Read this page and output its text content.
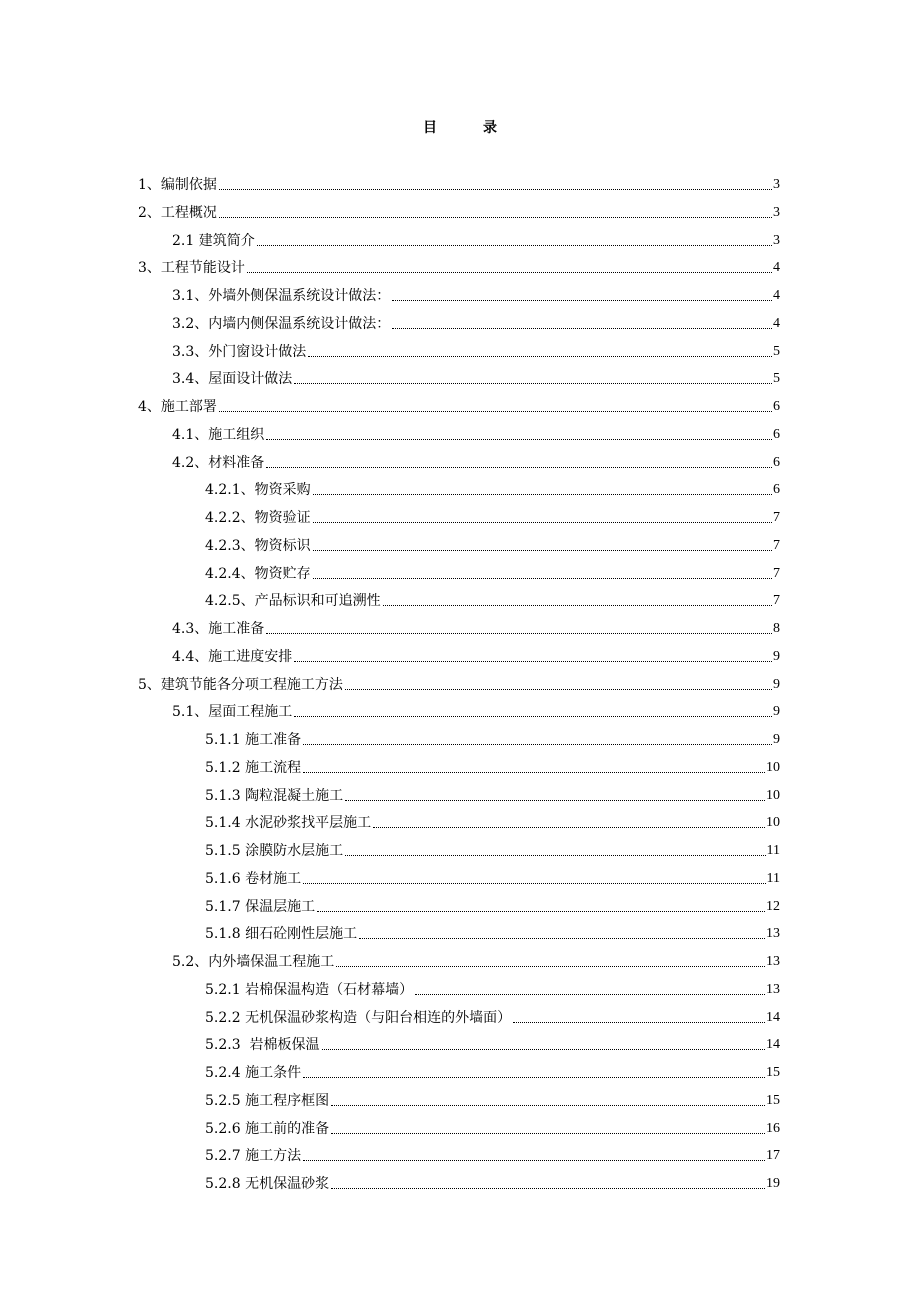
目录
1、编制依据	3
2、工程概况	3
2.1 建筑简介	3
3、工程节能设计	4
3.1、外墙外侧保温系统设计做法：	4
3.2、内墙内侧保温系统设计做法：	4
3.3、外门窗设计做法	5
3.4、屋面设计做法	5
4、施工部署	6
4.1、施工组织	6
4.2、材料准备	6
4.2.1、物资采购	6
4.2.2、物资验证	7
4.2.3、物资标识	7
4.2.4、物资贮存	7
4.2.5、产品标识和可追溯性	7
4.3、施工准备	8
4.4、施工进度安排	9
5、建筑节能各分项工程施工方法	9
5.1、屋面工程施工	9
5.1.1 施工准备	9
5.1.2 施工流程	10
5.1.3 陶粒混凝土施工	10
5.1.4 水泥砂浆找平层施工	10
5.1.5 涂膜防水层施工	11
5.1.6 卷材施工	11
5.1.7 保温层施工	12
5.1.8 细石砼刚性层施工	13
5.2、内外墙保温工程施工	13
5.2.1 岩棉保温构造（石材幕墙）	13
5.2.2 无机保温砂浆构造（与阳台相连的外墙面）	14
5.2.3  岩棉板保温	14
5.2.4 施工条件	15
5.2.5 施工程序框图	15
5.2.6 施工前的准备	16
5.2.7 施工方法	17
5.2.8 无机保温砂浆	19
